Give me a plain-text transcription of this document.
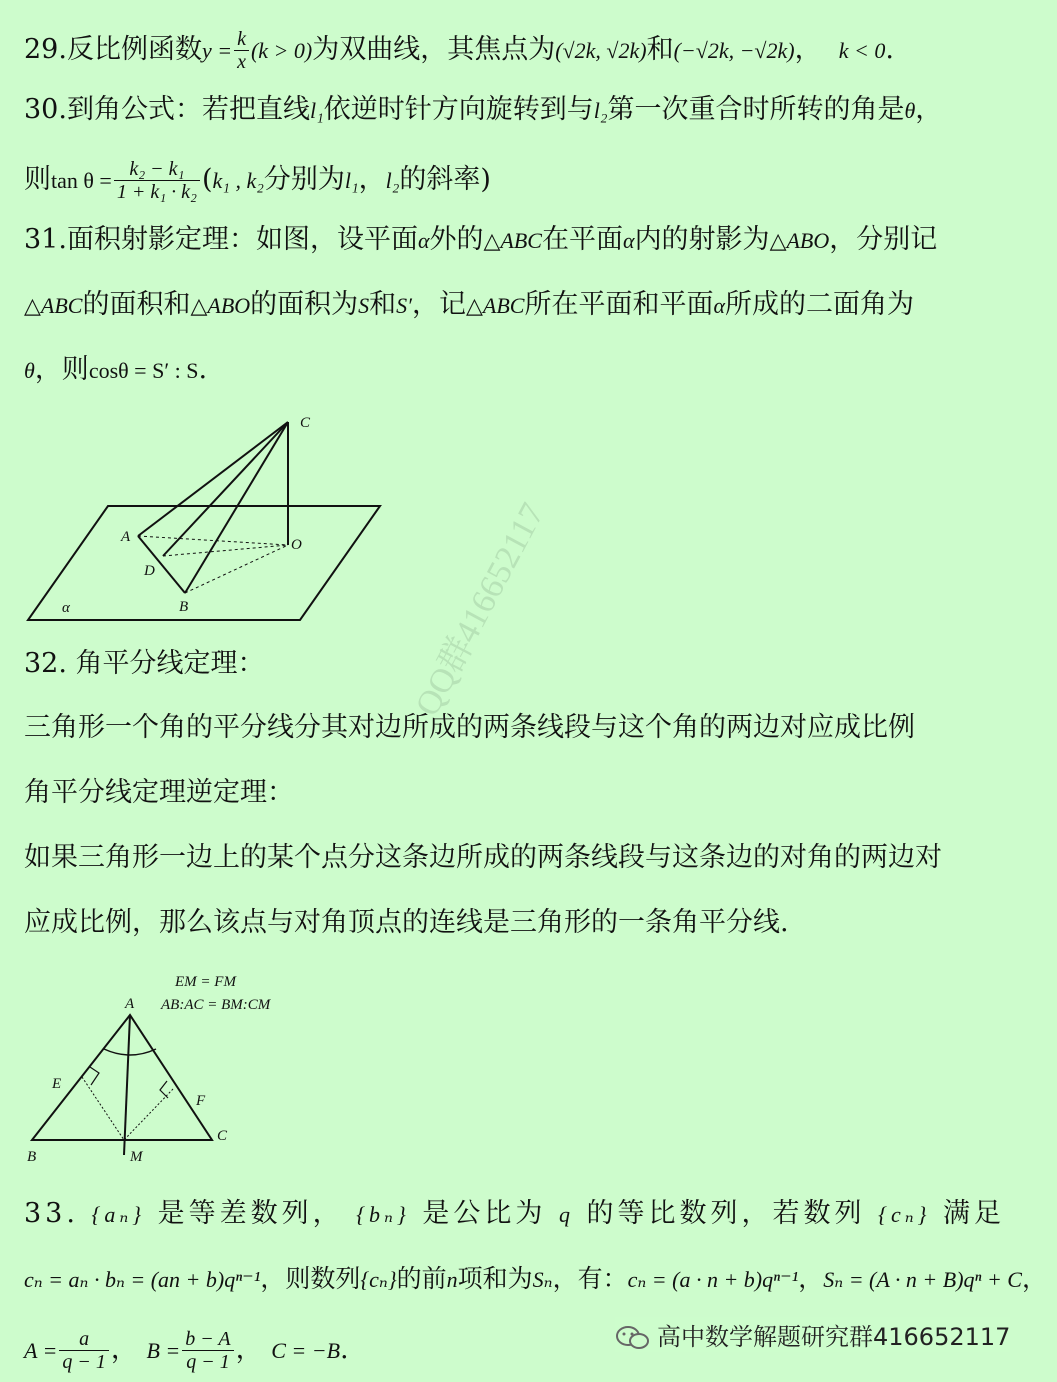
29.反比例函数$y = \frac{k}{x} (k > 0)$为双曲线，其焦点为(√2k, √2k)和(−√2k, −√2k)， k < 0.
30.到角公式：若把直线l₁依逆时针方向旋转到与l₂第一次重合时所转的角是θ，
则$\tan \theta = \frac{\text{k₂ − k₁}}{\text{1 + k₁ · k₂}} (k_1$ , k₂分别为l₁，l₂的斜率)
31.面积射影定理：如图，设平面α外的△ABC在平面α内的射影为△ABO，分别记
△ABC的面积和△ABO的面积为S和S′，记△ABC所在平面和平面α所成的二面角为
θ，则cosθ = S′ : S.
C
A	O
D
B
α
32. 角平分线定理：
三角形一个角的平分线分其对边所成的两条线段与这个角的两边对应成比例
角平分线定理逆定理：
如果三角形一边上的某个点分这条边所成的两条线段与这条边的对角的两边对
应成比例，那么该点与对角顶点的连线是三角形的一条角平分线.
EM = FM
AB:AC = BM:CM
A
E
F
B	M
C
33. {aₙ} 是等差数列， {bₙ} 是公比为 q 的等比数列，若数列 {cₙ} 满足
cₙ = aₙ · bₙ = (an + b)qⁿ⁻¹，则数列{cₙ}的前n项和为Sₙ，有：cₙ = (a · n + b)qⁿ⁻¹，Sₙ = (A · n + B)qⁿ + C，
$A = \frac{a}{q - 1}$ ， $B = \frac{b - A}{q - 1}$ ， C = −B.
QQ群416652117
高中数学解题研究群416652117
